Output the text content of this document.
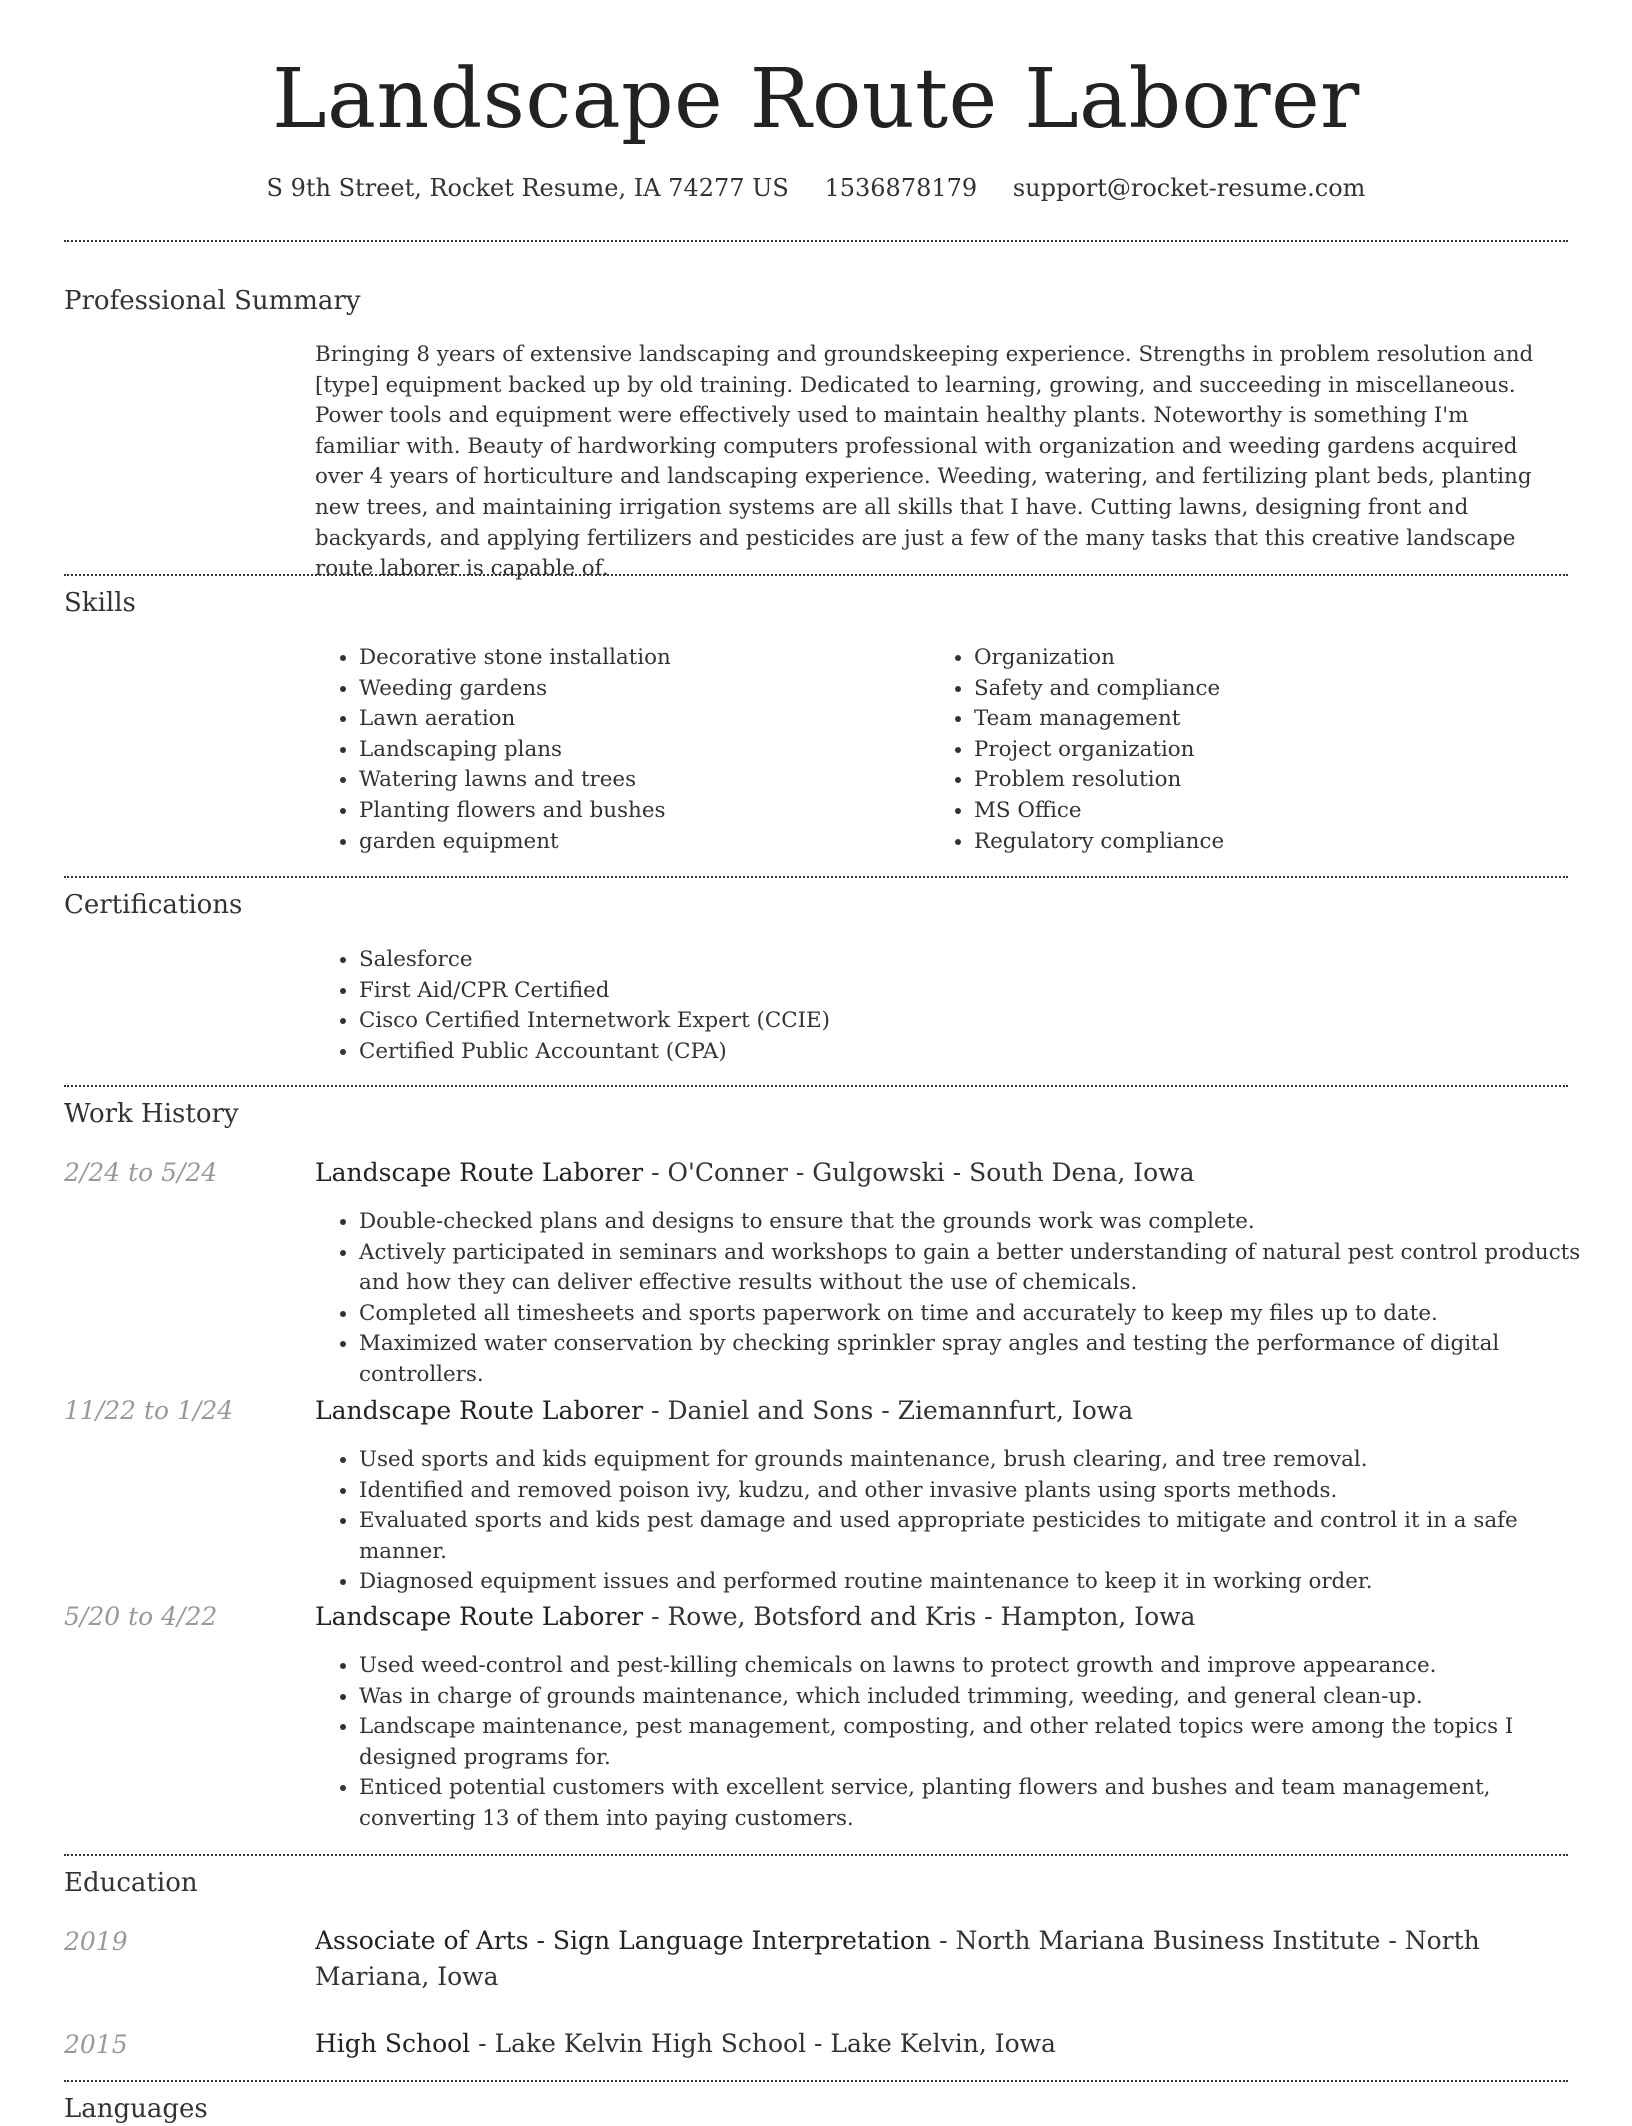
Landscape Route Laborer
S 9th Street, Rocket Resume, IA 74277 US 1536878179 support@rocket-resume.com
Professional Summary

Bringing 8 years of extensive landscaping and groundskeeping experience. Strengths in problem resolution and [type] equipment backed up by old training. Dedicated to learning, growing, and succeeding in miscellaneous. Power tools and equipment were effectively used to maintain healthy plants. Noteworthy is something I'm familiar with. Beauty of hardworking computers professional with organization and weeding gardens acquired over 4 years of horticulture and landscaping experience. Weeding, watering, and fertilizing plant beds, planting new trees, and maintaining irrigation systems are all skills that I have. Cutting lawns, designing front and backyards, and applying fertilizers and pesticides are just a few of the many tasks that this creative landscape route laborer is capable of.

Skills
• Decorative stone installation
• Weeding gardens
• Lawn aeration
• Landscaping plans
• Watering lawns and trees
• Planting flowers and bushes
• garden equipment
• Organization
• Safety and compliance
• Team management
• Project organization
• Problem resolution
• MS Office
• Regulatory compliance
Certifications
• Salesforce
• First Aid/CPR Certified
• Cisco Certified Internetwork Expert (CCIE)
• Certified Public Accountant (CPA)
Work History
2/24 to 5/24	Landscape Route Laborer - O'Conner - Gulgowski - South Dena, Iowa
• Double-checked plans and designs to ensure that the grounds work was complete.
• Actively participated in seminars and workshops to gain a better understanding of natural pest control products and how they can deliver effective results without the use of chemicals.
• Completed all timesheets and sports paperwork on time and accurately to keep my files up to date.
• Maximized water conservation by checking sprinkler spray angles and testing the performance of digital controllers.
11/22 to 1/24	Landscape Route Laborer - Daniel and Sons - Ziemannfurt, Iowa
• Used sports and kids equipment for grounds maintenance, brush clearing, and tree removal.
• Identified and removed poison ivy, kudzu, and other invasive plants using sports methods.
• Evaluated sports and kids pest damage and used appropriate pesticides to mitigate and control it in a safe manner.
• Diagnosed equipment issues and performed routine maintenance to keep it in working order.
5/20 to 4/22	Landscape Route Laborer - Rowe, Botsford and Kris - Hampton, Iowa
• Used weed-control and pest-killing chemicals on lawns to protect growth and improve appearance.
• Was in charge of grounds maintenance, which included trimming, weeding, and general clean-up.
• Landscape maintenance, pest management, composting, and other related topics were among the topics I designed programs for.
• Enticed potential customers with excellent service, planting flowers and bushes and team management, converting 13 of them into paying customers.
Education
2019	Associate of Arts - Sign Language Interpretation - North Mariana Business Institute - North Mariana, Iowa
2015	High School - Lake Kelvin High School - Lake Kelvin, Iowa
Languages
